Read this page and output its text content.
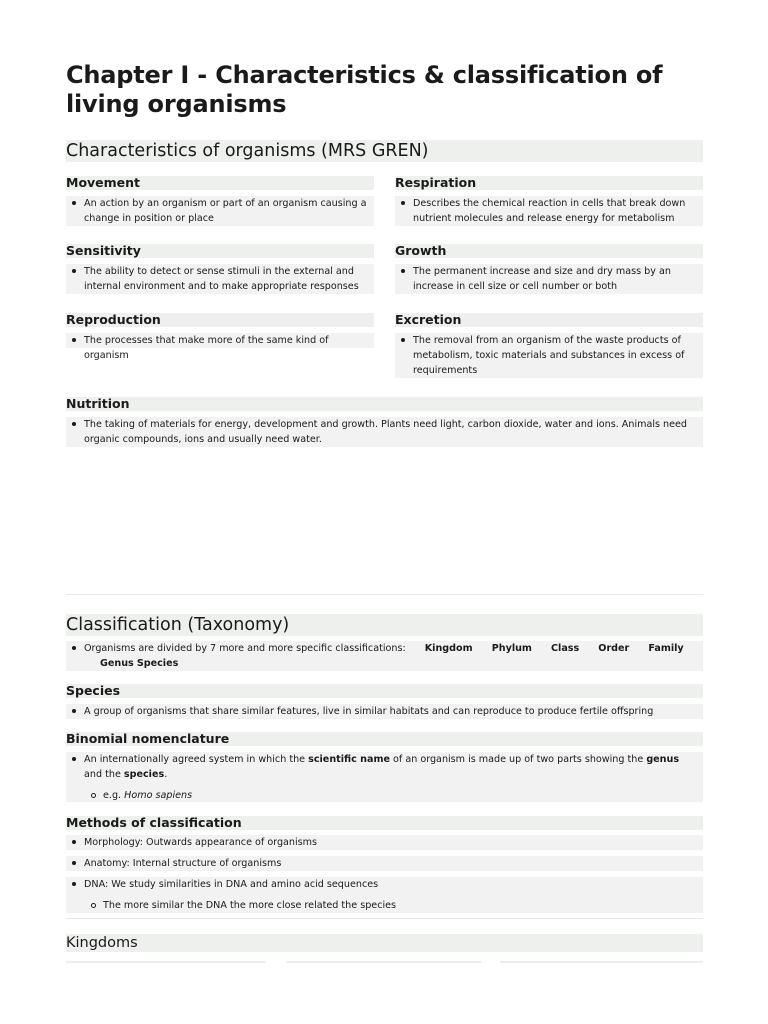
Chapter I - Characteristics & classification of living organisms
Characteristics of organisms (MRS GREN)
Movement
An action by an organism or part of an organism causing a change in position or place
Respiration
Describes the chemical reaction in cells that break down nutrient molecules and release energy for metabolism
Sensitivity
The ability to detect or sense stimuli in the external and internal environment and to make appropriate responses
Growth
The permanent increase and size and dry mass by an increase in cell size or cell number or both
Reproduction
The processes that make more of the same kind of organism
Excretion
The removal from an organism of the waste products of metabolism, toxic materials and substances in excess of requirements
Nutrition
The taking of materials for energy, development and growth. Plants need light, carbon dioxide, water and ions. Animals need organic compounds, ions and usually need water.
Classification (Taxonomy)
Organisms are divided by 7 more and more specific classifications: Kingdom Phylum Class Order Family Genus Species
Species
A group of organisms that share similar features, live in similar habitats and can reproduce to produce fertile offspring
Binomial nomenclature
An internationally agreed system in which the scientific name of an organism is made up of two parts showing the genus and the species.
e.g. Homo sapiens
Methods of classification
Morphology: Outwards appearance of organisms
Anatomy: Internal structure of organisms
DNA: We study similarities in DNA and amino acid sequences
The more similar the DNA the more close related the species
Kingdoms
